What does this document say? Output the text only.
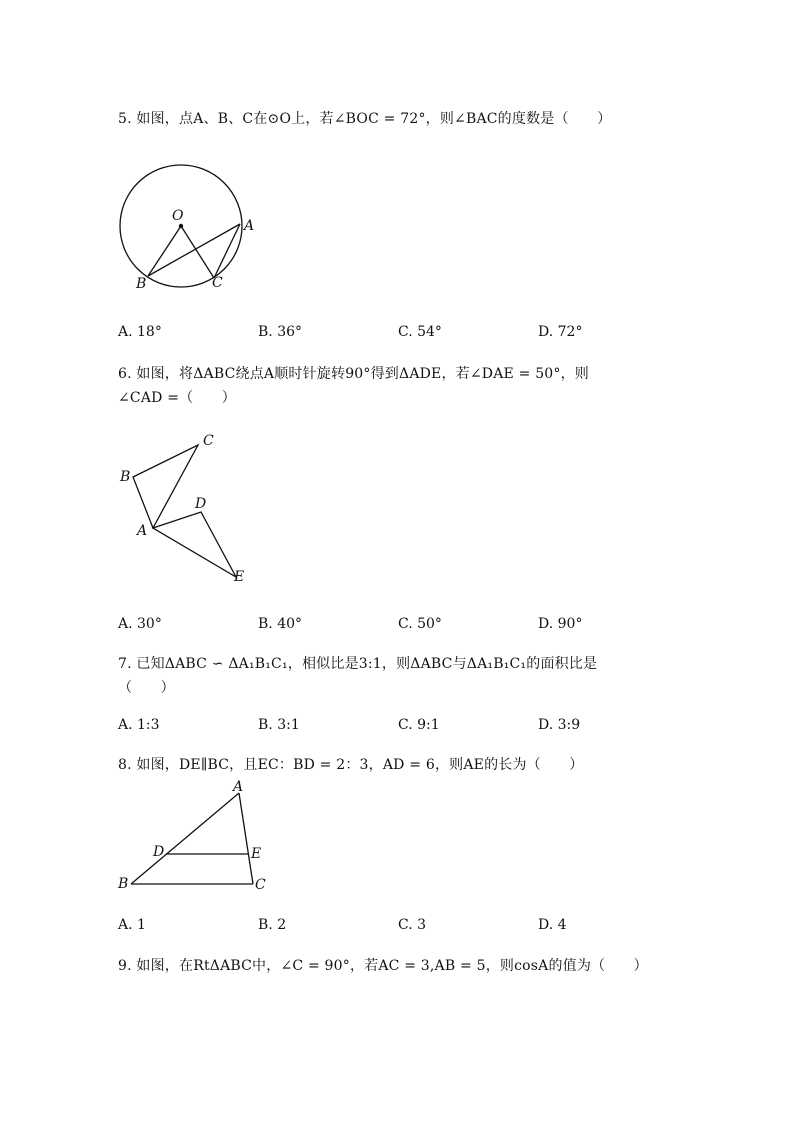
5. 如图，点A、B、C在⊙O上，若∠BOC = 72°，则∠BAC的度数是（　　）
O
A
B	C
A. 18°	B. 36°	C. 54°	D. 72°
6. 如图，将ΔABC绕点A顺时针旋转90°得到ΔADE，若∠DAE = 50°，则
∠CAD =（　　）
C
B
D
A
E
A. 30°	B. 40°	C. 50°	D. 90°
7. 已知ΔABC ∽ ΔA₁B₁C₁，相似比是3:1，则ΔABC与ΔA₁B₁C₁的面积比是
（　　）
A. 1:3	B. 3:1	C. 9:1	D. 3:9
8. 如图，DE∥BC，且EC：BD = 2：3，AD = 6，则AE的长为（　　）
A
D	E
B	C
A. 1	B. 2	C. 3	D. 4
9. 如图，在RtΔABC中，∠C = 90°，若AC = 3,AB = 5，则cosA的值为（　　）
